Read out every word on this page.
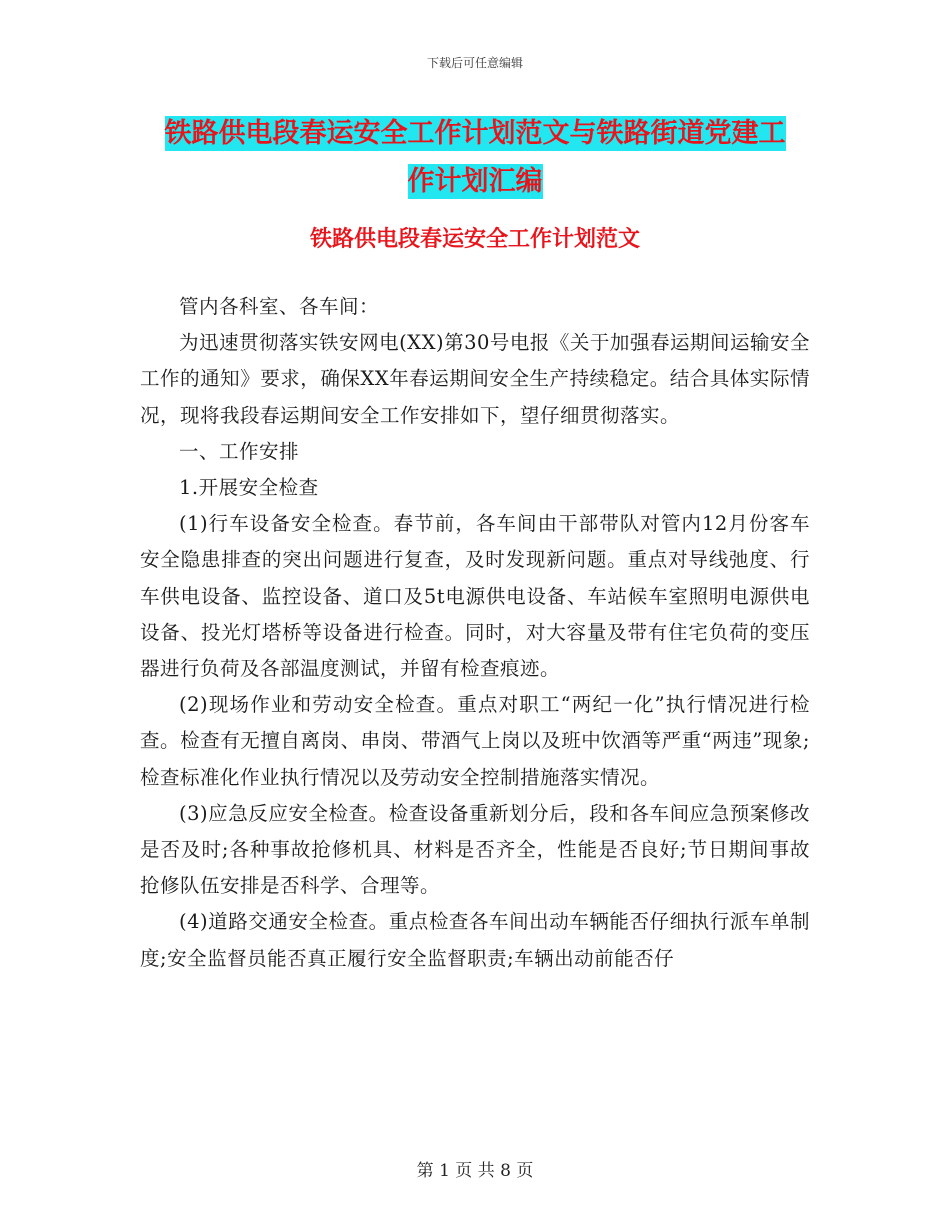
下载后可任意编辑
铁路供电段春运安全工作计划范文与铁路街道党建工
作计划汇编
铁路供电段春运安全工作计划范文

管内各科室、各车间：

为迅速贯彻落实铁安网电(XX)第30号电报《关于加强春运期间运输安全工作的通知》要求，确保XX年春运期间安全生产持续稳定。结合具体实际情况，现将我段春运期间安全工作安排如下，望仔细贯彻落实。

一、工作安排

1.开展安全检查

(1)行车设备安全检查。春节前，各车间由干部带队对管内12月份客车安全隐患排查的突出问题进行复查，及时发现新问题。重点对导线弛度、行车供电设备、监控设备、道口及5t电源供电设备、车站候车室照明电源供电设备、投光灯塔桥等设备进行检查。同时，对大容量及带有住宅负荷的变压器进行负荷及各部温度测试，并留有检查痕迹。

(2)现场作业和劳动安全检查。重点对职工“两纪一化”执行情况进行检查。检查有无擅自离岗、串岗、带酒气上岗以及班中饮酒等严重“两违”现象;检查标准化作业执行情况以及劳动安全控制措施落实情况。

(3)应急反应安全检查。检查设备重新划分后，段和各车间应急预案修改是否及时;各种事故抢修机具、材料是否齐全，性能是否良好;节日期间事故抢修队伍安排是否科学、合理等。

(4)道路交通安全检查。重点检查各车间出动车辆能否仔细执行派车单制度;安全监督员能否真正履行安全监督职责;车辆出动前能否仔

第 1 页 共 8 页
